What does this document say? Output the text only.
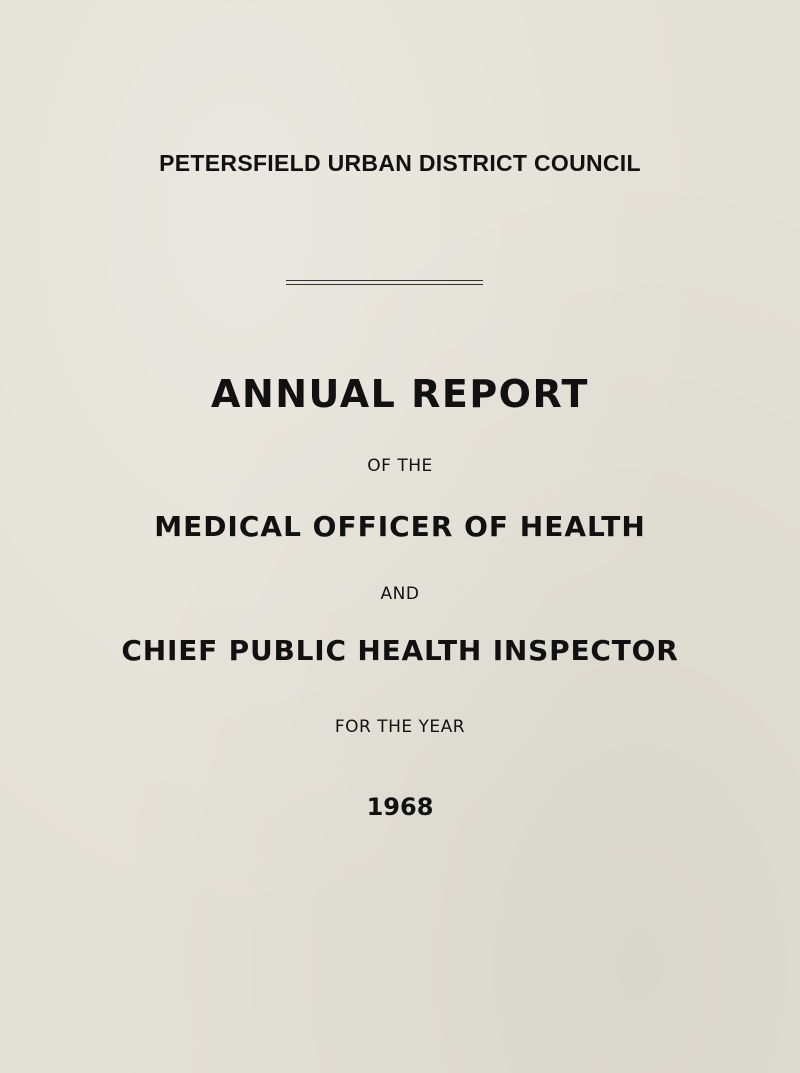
PETERSFIELD URBAN DISTRICT COUNCIL

ANNUAL REPORT

OF THE

MEDICAL OFFICER OF HEALTH

AND

CHIEF PUBLIC HEALTH INSPECTOR

FOR THE YEAR

1968
